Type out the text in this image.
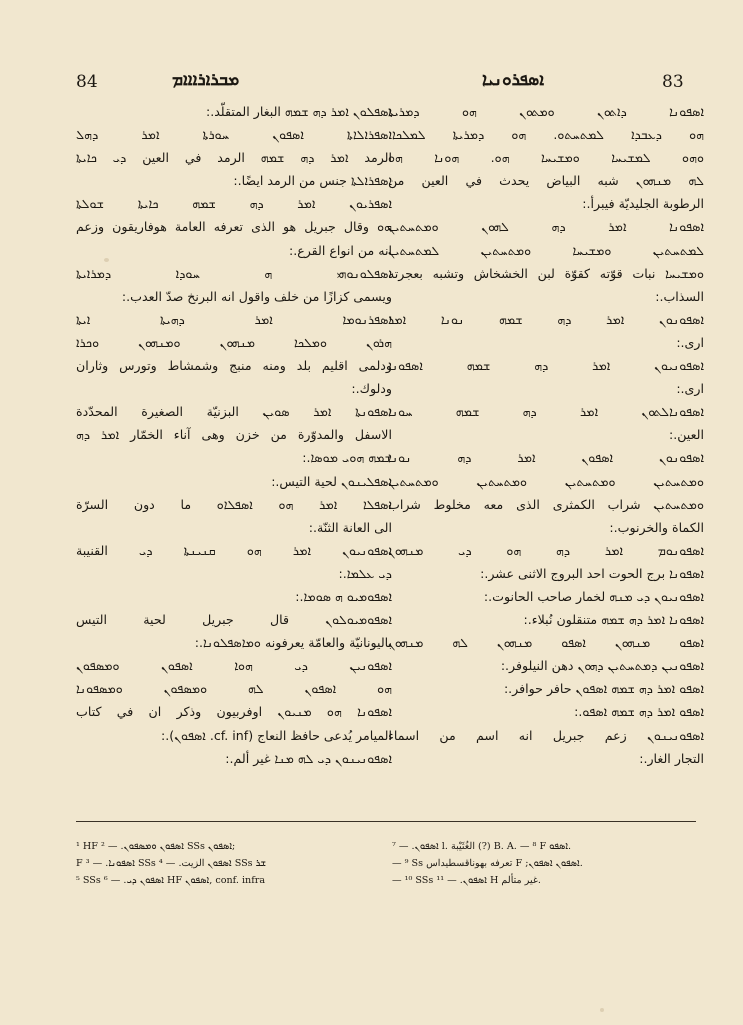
84	ܡܒܪܐܪܐܐܐܡ	ܐܣܦܪܘܢܝܐ	83
ܐܣܦܠܘܢ ܐܡܪ ܕܗ ܫܡܗ البغار المتقلّد.:
ܐܣܦܪܐܠܐܬܐ ܐܣܦܘܢ ܚܘܪܬܐ ܐܡܪ ܕܗܠ
الرمد ܐܡܪ ܕܗ ܫܡܗ الرمد في العين ܕܝ ܟܐܝܬܐ
ܐܣܦܪܐܠܬܐ جنس من الرمد ايضًا.:
ܐܣܦܪܝܘܢ ܐܡܪ ܕܗ ܫܡܗ ܟܐܝܬܐ ܫܘܠܬܐ
ܗܘ وقال جبريل هو الذى تعرفه العامة هوفاريقون وزعم
انه من انواع القرع.:
ܐܣܦܠܘܢܘܗܝ ܗ ܚܘܕܐ ܕܡܪܐܝܬܐ
ويسمى كزازًا من خلف واقول انه البرنخ صدّ العدب.:
ܐܣܦܪܢܘܡܐ ܐܡܪ ܕܗܝܬܐ ܐܝܬܐ
ܗܪܘܢ ܘܡܠܟܐ ܡܢܗܘܢ ܘܡܢܗܘܢ ܘܟܪܐ
ودلمى اقليم بلد ومنه منبج وشمشاط وتورس وثاران
ودلوك.:
ܐܣܦܘܢܬܐ ܐܡܪ ܣܘܝܢ البزنيّة الصغيرة المحدّدة
الاسفل والمدوّرة من خزن وهى آناء الخمّار ܐܡܪ ܕܗ
ܫܡܗ ܗܘܝ ܡܘܣܐ.:
ܐܣܦܠܝܢܘܢ لحية التيس.:
ܐܣܦܠܐ ܐܡܪ ܗܘ ܐܣܦܠܐܘ ما دون السرّة
الى العانة الثنّة.:
ܐܣܦܘܢܝܘܢ ܐܡܪ ܗܘ ܩܢܝܢܬܐ ܕܝ القنيبة
ܕܝ ܥܠܡܐ.:
ܐܣܦܘܡܝܘ ܗ ܣܘܡܐ.:
ܐܣܦܘܡܝܘܠܘܢ قال جبريل لحية التيس
باليونانيّة والعامّة يعرفونه ܘܡܐܣܦܠܘܢܐ.:
ܐܣܦܘܢܝܢ ܕܝ ܗܘܐ ܐܣܦܘܢ ܘܡܣܦܘܢ
ܗܘ ܐܣܦܘܢ ܠܗ ܘܡܣܦܘܢ ܘܡܣܦܘܢܐ
ܐܣܦܘܢܐ ܗܘ ܡܢܝܘܢ اوفربيون وذكر ان في كتاب
الميامر يُدعى حافظ النعاج (cf. inf. ܐܣܦܘܢ).:
ܐܣܦܘܢܝܢܘܢ ܕܝ ܠܗ ܡܢܐ غير ألم.:
ܐܣܦܘܢܐ ܕܐܬܘܢ ܘܡܬܘܢ ܗܘ ܕܡܪܝܬܐ
ܗܘ ܕܥܒܕܐ ܠܡܬܚܬܘ. ܗܘ ܕܡܪܝܬܐ ܠܡܠܟܐ.
ܘܗܘ ܠܡܫܝܚܐ ܘܡܫܝܚܐ ܗܘ. ܗܘܢܐ ܗܘ
ܠܗ ܡܢܗܘܢ شبه البياض يحدث في العين من
الرطوبة الجليديّة فيبرأ.:
ܐܣܦܘܢܐ ܐܡܪ ܕܗ ܠܗܘܢ ܘܡܬܚܬܝܢ
ܠܡܬܚܬܝܢ ܘܡܫܝܚܐ ܘܡܬܚܬܝܢ ܠܡܬܚܬܝܢ
ܘܡܫܝܚܐ نبات قوّته كقوّة لبن الخشخاش وتشبه بعجرته
السذاب.:
ܐܣܦܘܢܘܢ ܐܡܪ ܕܗ ܫܡܗ ܢܘܢܐ ܐܡܪ
ارى.:
ܐܣܦܘܢܝܘܢ ܐܡܪ ܕܗ ܫܡܗ ܐܣܦܘܢܐ
ارى.:
ܐܣܦܘܢܐܠܬܘܢ ܐܡܪ ܕܗ ܫܡܗ ܚܘܢܐ
العين.:
ܐܣܦܘܢܘܢ ܐܣܦܘܢ ܐܡܪ ܕܗ ܢܘܢܐ
ܘܡܬܚܬܝܢ ܘܡܬܚܬܝܢ ܘܡܬܚܬܝܢ ܘܡܬܚܬܝܢ
ܘܡܬܚܬܝܢ شراب الكمثرى الذى معه مخلوط شراب
الكماة والخرنوب.:
ܐܣܦܘܢܘܡ ܐܡܪ ܕܗ ܗܘ ܕܝ ܡܢܗܘܢ
ܐܣܦܘܢܐ برج الحوت احد البروج الاثنى عشر.:
ܐܣܦܘܢܝܘܢ ܕܝ ܡܢܗ لخمار صاحب الحانوت.:
ܐܣܦܘܢܐ ܐܡܪ ܕܗ ܫܡܗ متنقلون نُبلاء.:
ܐܣܦܘ ܡܢܗܘܢ ܐܣܦܘ ܡܢܗܘܢ ܠܗ ܡܢܗܘܢ
ܐܣܦܘܢܝܢ ܕܡܬܚܬܝܢ ܕܗܘܢ دهن النيلوفر.:
ܐܣܦܘ ܐܡܪ ܕܗ ܫܡܗ ܐܣܦܘܢ حافر حوافر.:
ܐܣܦܘ ܐܡܪ ܕܗ ܫܡܗ ܐܣܦܘ.:
ܐܣܦܘܢܝܢܘܢ زعم جبريل انه اسم من اسماء
التجار الغار.:
¹ HF ܐܣܦܘܢ ܘܡܣܦܘܢ. — ² SSs ܐܣܦܘܢ;
F ܐܣܦܘܢܐ. — ³ SSs ܐܣܦܘܢ الزيت. — ⁴ SSs ܫܪ
⁵ SSs ܐܣܦܘܢ ܕܝ. — ⁶ HF ܐܣܦܘܢ, conf. infra
ܐܣܦܘܢ. — ⁷ l. الغُثَيْبة (?) B. A. — ⁸ F ܐܣܦܘ.
— ⁹ Ss تعرفه بهوناقسطيداس F ;ܐܣܦܘܢ ܐܣܦܘܢ.
— ¹⁰ SSs ܐܣܦܘܢ. — ¹¹ H غير متألم.
